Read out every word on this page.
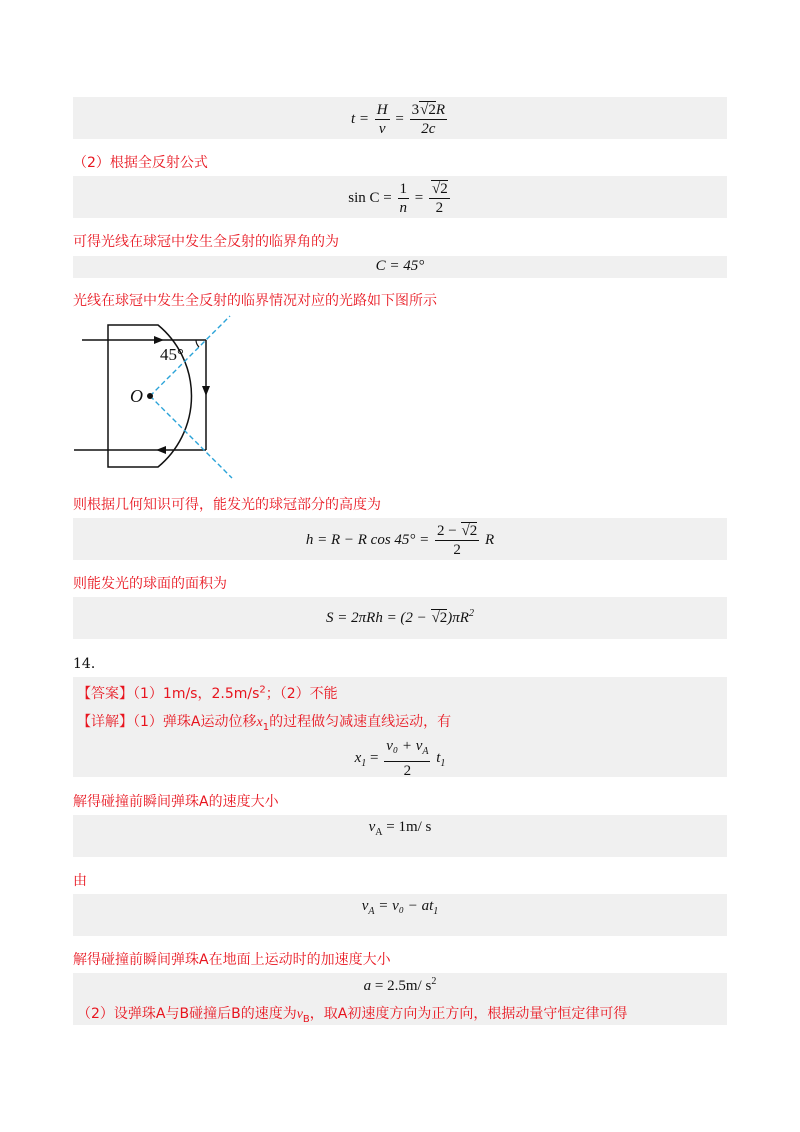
$t = \frac{H}{v} = \frac{3√2R}{2c}$
（2）根据全反射公式
$\sin C = \frac{1}{n} = \frac{√2}{2}$
可得光线在球冠中发生全反射的临界角的为
C = 45°
光线在球冠中发生全反射的临界情况对应的光路如下图所示
45°
O
则根据几何知识可得，能发光的球冠部分的高度为
h = R − R $\cos 45^\circ = \frac{2 - √2}{2}$ R
则能发光的球面的面积为
$S = 2\pi Rh = (2 - √2)\pi R^2$
14．
【答案】（1）1m/s，$2.5m/s^2$；（2）不能
【详解】（1）弹珠A运动位移$x_1$的过程做匀减速直线运动，有
$x_1 = \frac{v_0 + v_A}{2} t_1$
解得碰撞前瞬间弹珠A的速度大小
$v_A = 1m/$ s
由
$v_A = v_0 - at_1$
解得碰撞前瞬间弹珠A在地面上运动时的加速度大小
a = 2.5m/ $s^2$
（2）设弹珠A与B碰撞后B的速度为$v_B$，取A初速度方向为正方向，根据动量守恒定律可得
